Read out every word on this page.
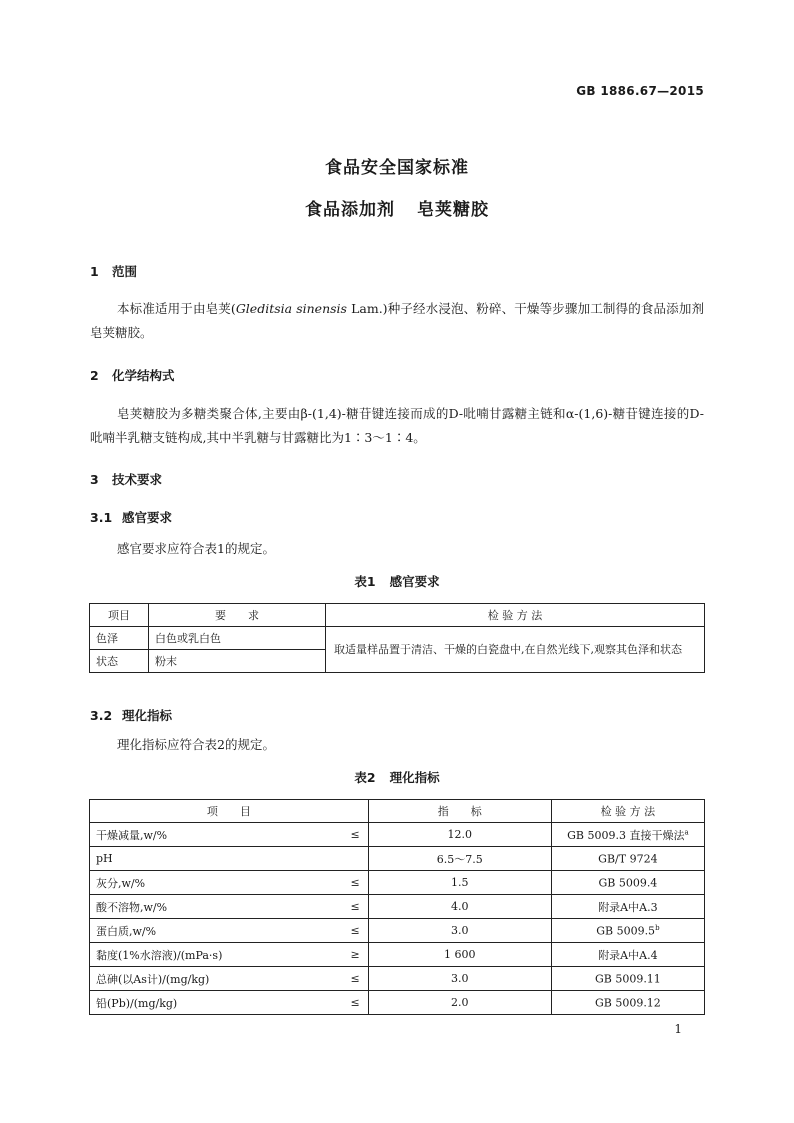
GB 1886.67—2015
食品安全国家标准
食品添加剂 皂荚糖胶
1 范围
本标准适用于由皂荚(Gleditsia sinensis Lam.)种子经水浸泡、粉碎、干燥等步骤加工制得的食品添加剂皂荚糖胶。
2 化学结构式
皂荚糖胶为多糖类聚合体,主要由β-(1,4)-糖苷键连接而成的D-吡喃甘露糖主链和α-(1,6)-糖苷键连接的D-吡喃半乳糖支链构成,其中半乳糖与甘露糖比为1∶3～1∶4。
3 技术要求
3.1 感官要求
感官要求应符合表1的规定。
表1 感官要求
项目	要　　求	检 验 方 法
色泽	白色或乳白色	取适量样品置于清洁、干燥的白瓷盘中,在自然光线下,观察其色泽和状态
状态	粉末	
3.2 理化指标
理化指标应符合表2的规定。
表2 理化指标
项　　目		指　　标	检 验 方 法
干燥减量,w/%	≤	12.0	GB 5009.3 直接干燥法$^a$
pH		6.5～7.5	GB/T 9724
灰分,w/%	≤	1.5	GB 5009.4
酸不溶物,w/%	≤	4.0	附录A中A.3
蛋白质,w/%	≤	3.0	GB 5009.5$^b$
黏度(1%水溶液)/(mPa·s)	≥	1 600	附录A中A.4
总砷(以As计)/(mg/kg)	≤	3.0	GB 5009.11
铅(Pb)/(mg/kg)	≤	2.0	GB 5009.12
1
